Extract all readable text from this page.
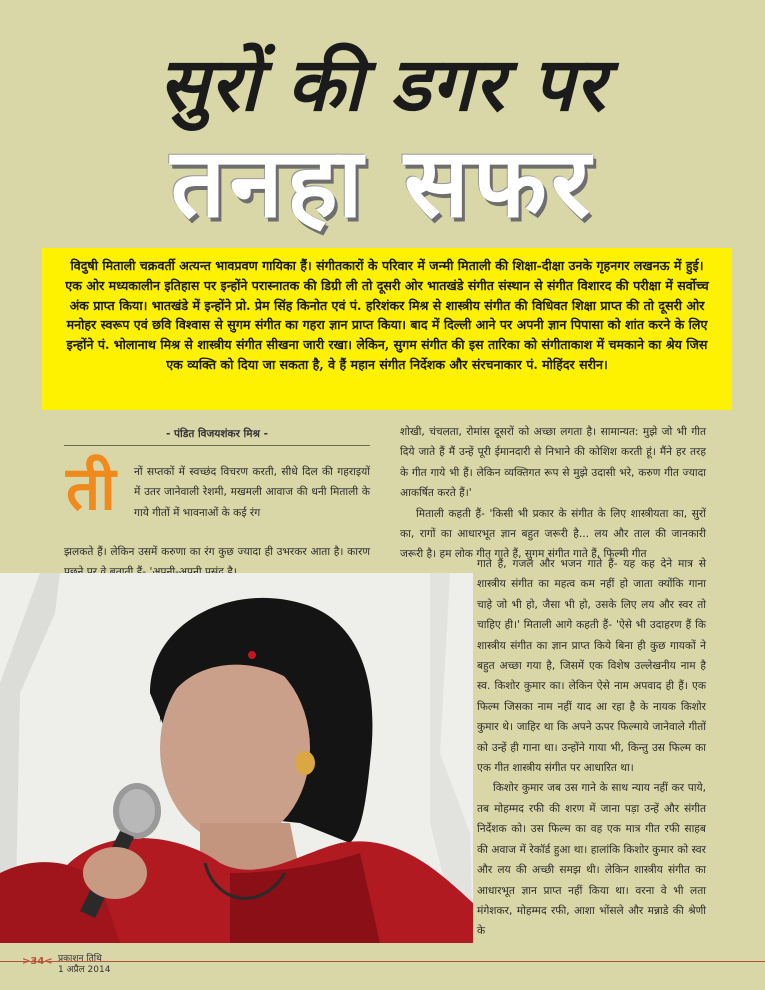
सुरों की डगर पर
तनहा सफर
विदुषी मिताली चक्रवर्ती अत्यन्त भावप्रवण गायिका हैं। संगीतकारों के परिवार में जन्मी मिताली की शिक्षा-दीक्षा उनके गृहनगर लखनऊ में हुई। एक ओर मध्यकालीन इतिहास पर इन्होंने परास्नातक की डिग्री ली तो दूसरी ओर भातखंडे संगीत संस्थान से संगीत विशारद की परीक्षा में सर्वोच्च अंक प्राप्त किया। भातखंडे में इन्होंने प्रो. प्रेम सिंह किनोत एवं पं. हरिशंकर मिश्र से शास्त्रीय संगीत की विधिवत शिक्षा प्राप्त की तो दूसरी ओर मनोहर स्वरूप एवं छवि विश्वास से सुगम संगीत का गहरा ज्ञान प्राप्त किया। बाद में दिल्ली आने पर अपनी ज्ञान पिपासा को शांत करने के लिए इन्होंने पं. भोलानाथ मिश्र से शास्त्रीय संगीत सीखना जारी रखा। लेकिन, सुगम संगीत की इस तारिका को संगीताकाश में चमकाने का श्रेय जिस एक व्यक्ति को दिया जा सकता है, वे हैं महान संगीत निर्देशक और संरचनाकार पं. मोहिंदर सरीन।
- पंडित विजयशंकर मिश्र -
ती नों सप्तकों में स्वच्छंद विचरण करती, सीधे दिल की गहराइयों में उतर जानेवाली रेशमी, मखमली आवाज की धनी मिताली के गाये गीतों में भावनाओं के कई रंग

झलकते हैं। लेकिन उसमें करुणा का रंग कुछ ज्यादा ही उभरकर आता है। कारण

शोखी, चंचलता, रोमांस दूसरों को अच्छा लगता है। सामान्यत: मुझे जो भी गीत दिये जाते हैं मैं उन्हें पूरी ईमानदारी से निभाने की कोशिश करती हूं। मैंने हर तरह के गीत गाये भी हैं। लेकिन व्यक्तिगत रूप से मुझे उदासी भरे, करुण गीत ज्यादा आकर्षित करते हैं।'

मिताली कहती हैं- 'किसी भी प्रकार के संगीत के लिए शास्त्रीयता का, सुरों का, रागों का आधारभूत ज्ञान बहुत जरूरी है... लय और ताल की जानकारी जरूरी है। हम लोक गीत गाते हैं, सुगम संगीत गाते हैं, फिल्मी गीत

गाते हैं, गजल और भजन गाते हैं- यह कह देने मात्र से शास्त्रीय संगीत का महत्व कम नहीं हो जाता क्योंकि गाना चाहे जो भी हो, जैसा भी हो, उसके लिए लय और स्वर तो चाहिए ही।' मिताली आगे कहती हैं- 'ऐसे भी उदाहरण हैं कि शास्त्रीय संगीत का ज्ञान प्राप्त किये बिना ही कुछ गायकों ने बहुत अच्छा गया है, जिसमें एक विशेष उल्लेखनीय नाम है स्व. किशोर कुमार का। लेकिन ऐसे नाम अपवाद ही हैं। एक फिल्म जिसका नाम नहीं याद आ रहा है के नायक किशोर कुमार थे। जाहिर था कि अपने ऊपर फिल्माये जानेवाले गीतों को उन्हें ही गाना था। उन्होंने गाया भी, किन्तु उस फिल्म का एक गीत शास्त्रीय संगीत पर आधारित था।

किशोर कुमार जब उस गाने के साथ न्याय नहीं कर पाये, तब मोहम्मद रफी की शरण में जाना पड़ा उन्हें और संगीत निर्देशक को। उस फिल्म का वह एक मात्र गीत रफी साहब की अवाज में रेकॉर्ड हुआ था। हालांकि किशोर कुमार को स्वर और लय की अच्छी समझ थी। लेकिन शास्त्रीय संगीत का आधारभूत ज्ञान प्राप्त नहीं किया था। वरना वे भी लता मंगेशकर, मोहम्मद रफी, आशा भोंसले और मन्नाडे की श्रेणी के

>34< प्रकाशन तिथि
1 अप्रैल 2014
